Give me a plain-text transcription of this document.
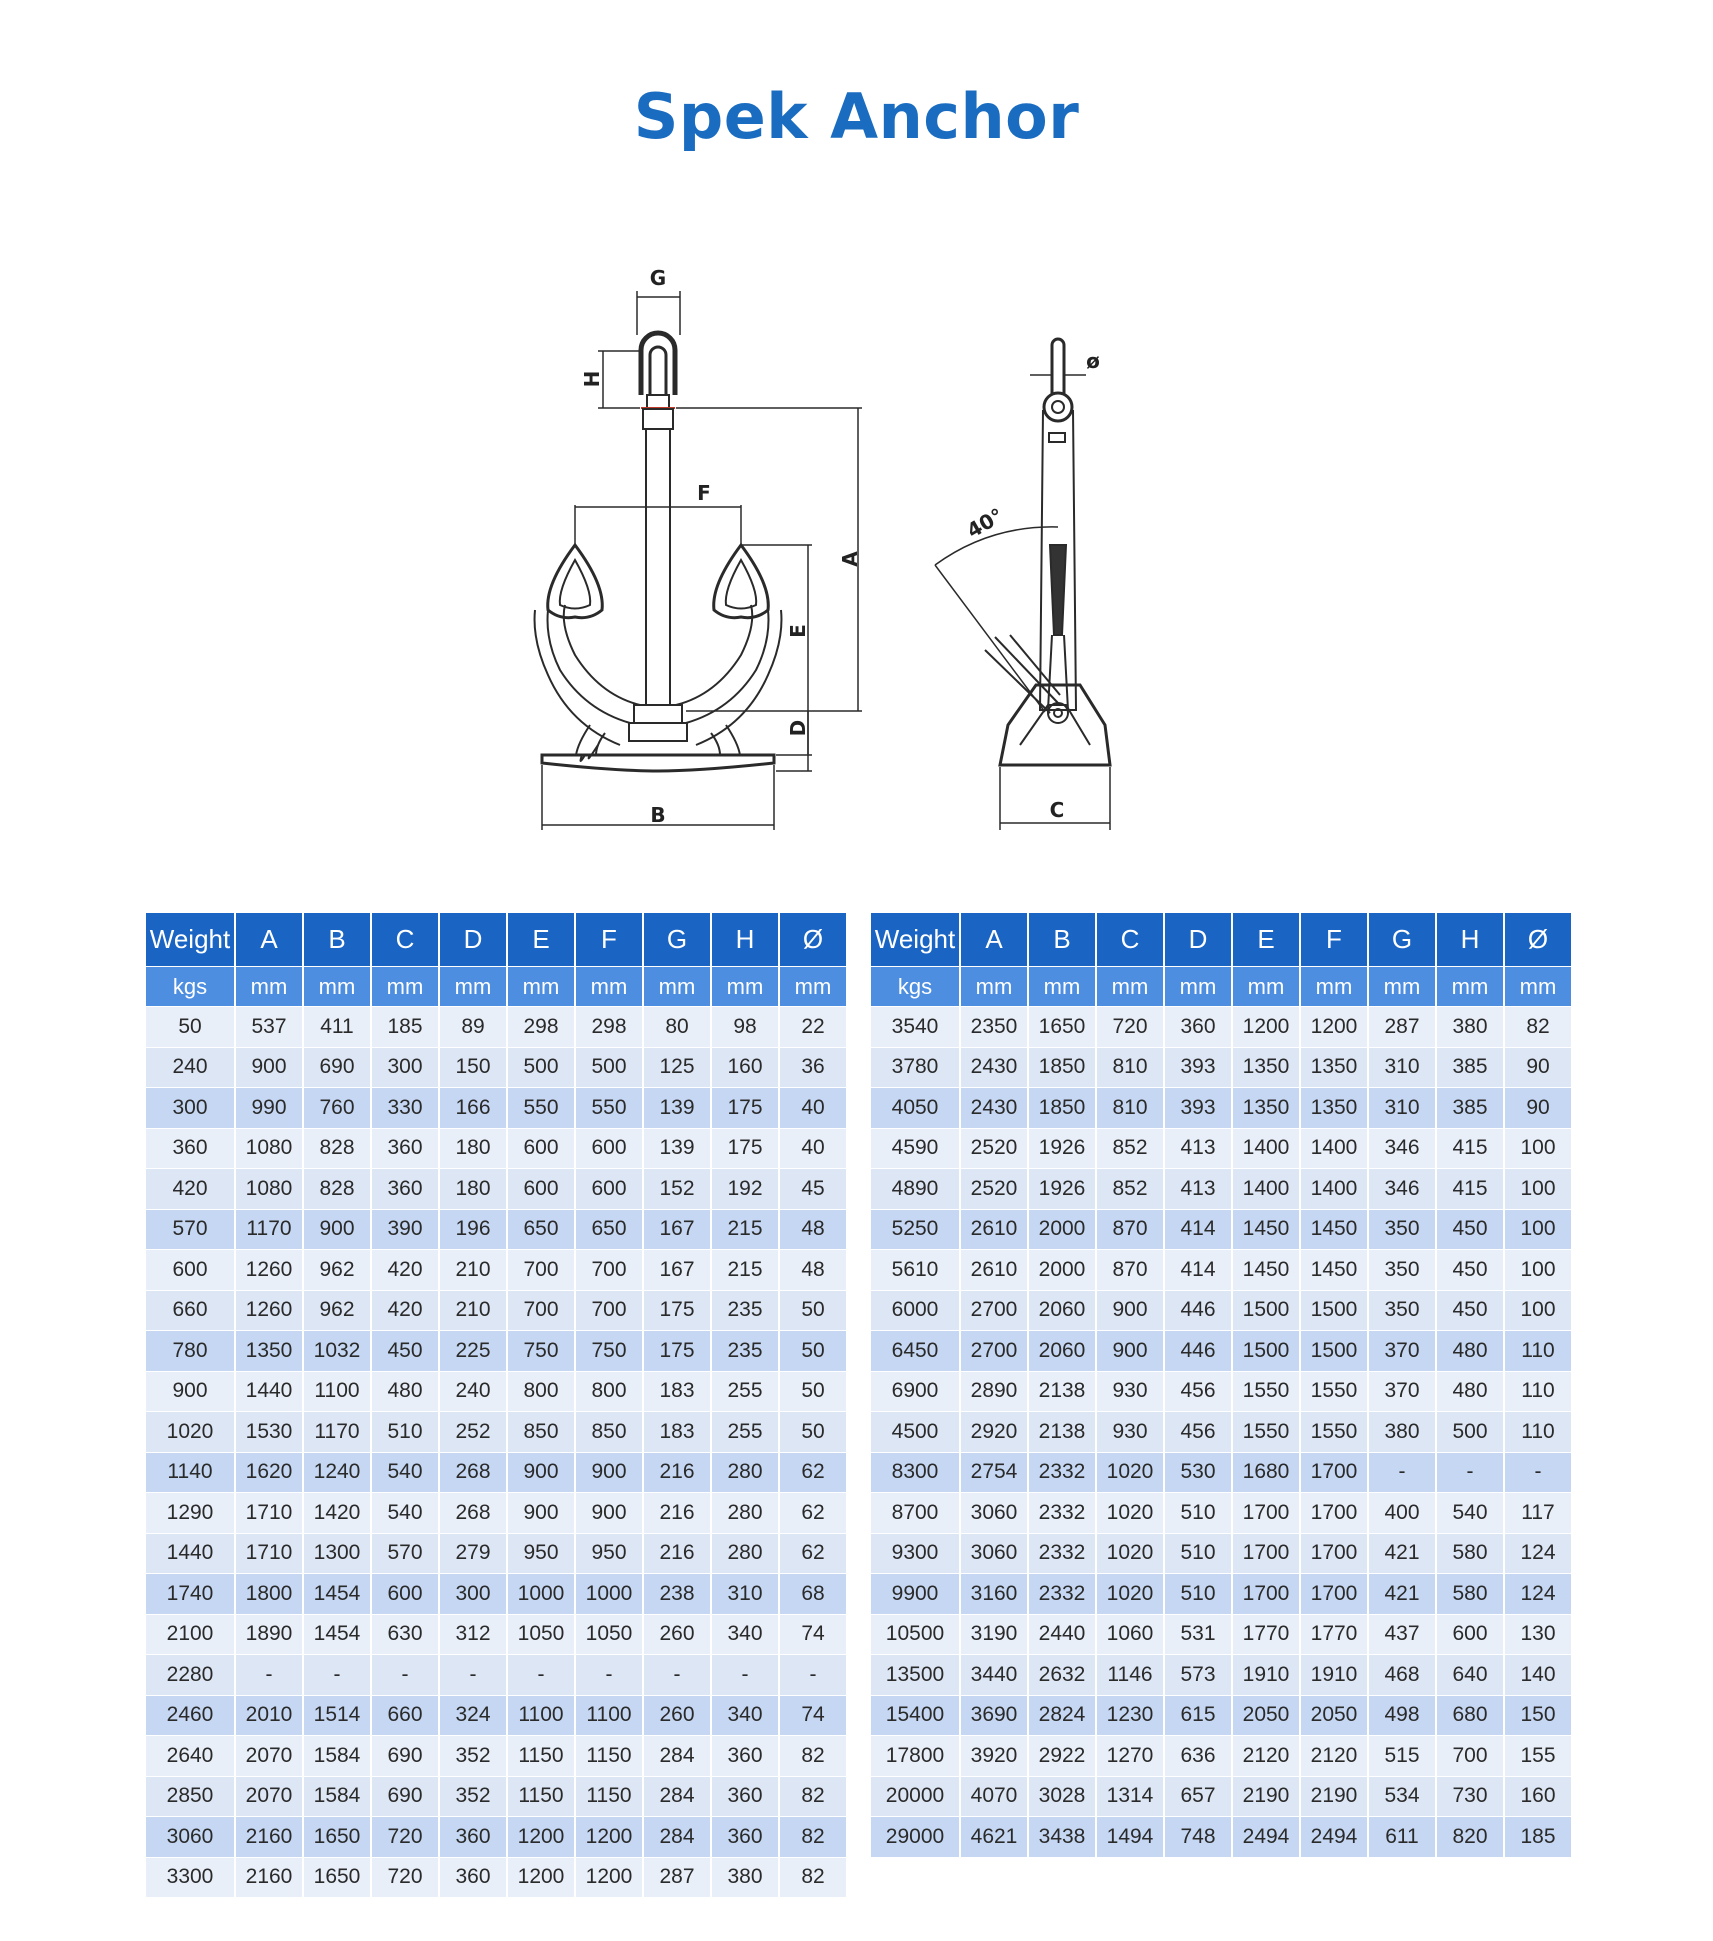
Spek Anchor
G
H
F
A
E
D
B
ø
40°
C
Weight	A	B	C	D	E	F	G	H	Ø
kgs	mm	mm	mm	mm	mm	mm	mm	mm	mm
50	537	411	185	89	298	298	80	98	22
240	900	690	300	150	500	500	125	160	36
300	990	760	330	166	550	550	139	175	40
360	1080	828	360	180	600	600	139	175	40
420	1080	828	360	180	600	600	152	192	45
570	1170	900	390	196	650	650	167	215	48
600	1260	962	420	210	700	700	167	215	48
660	1260	962	420	210	700	700	175	235	50
780	1350	1032	450	225	750	750	175	235	50
900	1440	1100	480	240	800	800	183	255	50
1020	1530	1170	510	252	850	850	183	255	50
1140	1620	1240	540	268	900	900	216	280	62
1290	1710	1420	540	268	900	900	216	280	62
1440	1710	1300	570	279	950	950	216	280	62
1740	1800	1454	600	300	1000	1000	238	310	68
2100	1890	1454	630	312	1050	1050	260	340	74
2280	-	-	-	-	-	-	-	-	-
2460	2010	1514	660	324	1100	1100	260	340	74
2640	2070	1584	690	352	1150	1150	284	360	82
2850	2070	1584	690	352	1150	1150	284	360	82
3060	2160	1650	720	360	1200	1200	284	360	82
3300	2160	1650	720	360	1200	1200	287	380	82
Weight	A	B	C	D	E	F	G	H	Ø
kgs	mm	mm	mm	mm	mm	mm	mm	mm	mm
3540	2350	1650	720	360	1200	1200	287	380	82
3780	2430	1850	810	393	1350	1350	310	385	90
4050	2430	1850	810	393	1350	1350	310	385	90
4590	2520	1926	852	413	1400	1400	346	415	100
4890	2520	1926	852	413	1400	1400	346	415	100
5250	2610	2000	870	414	1450	1450	350	450	100
5610	2610	2000	870	414	1450	1450	350	450	100
6000	2700	2060	900	446	1500	1500	350	450	100
6450	2700	2060	900	446	1500	1500	370	480	110
6900	2890	2138	930	456	1550	1550	370	480	110
4500	2920	2138	930	456	1550	1550	380	500	110
8300	2754	2332	1020	530	1680	1700	-	-	-
8700	3060	2332	1020	510	1700	1700	400	540	117
9300	3060	2332	1020	510	1700	1700	421	580	124
9900	3160	2332	1020	510	1700	1700	421	580	124
10500	3190	2440	1060	531	1770	1770	437	600	130
13500	3440	2632	1146	573	1910	1910	468	640	140
15400	3690	2824	1230	615	2050	2050	498	680	150
17800	3920	2922	1270	636	2120	2120	515	700	155
20000	4070	3028	1314	657	2190	2190	534	730	160
29000	4621	3438	1494	748	2494	2494	611	820	185
